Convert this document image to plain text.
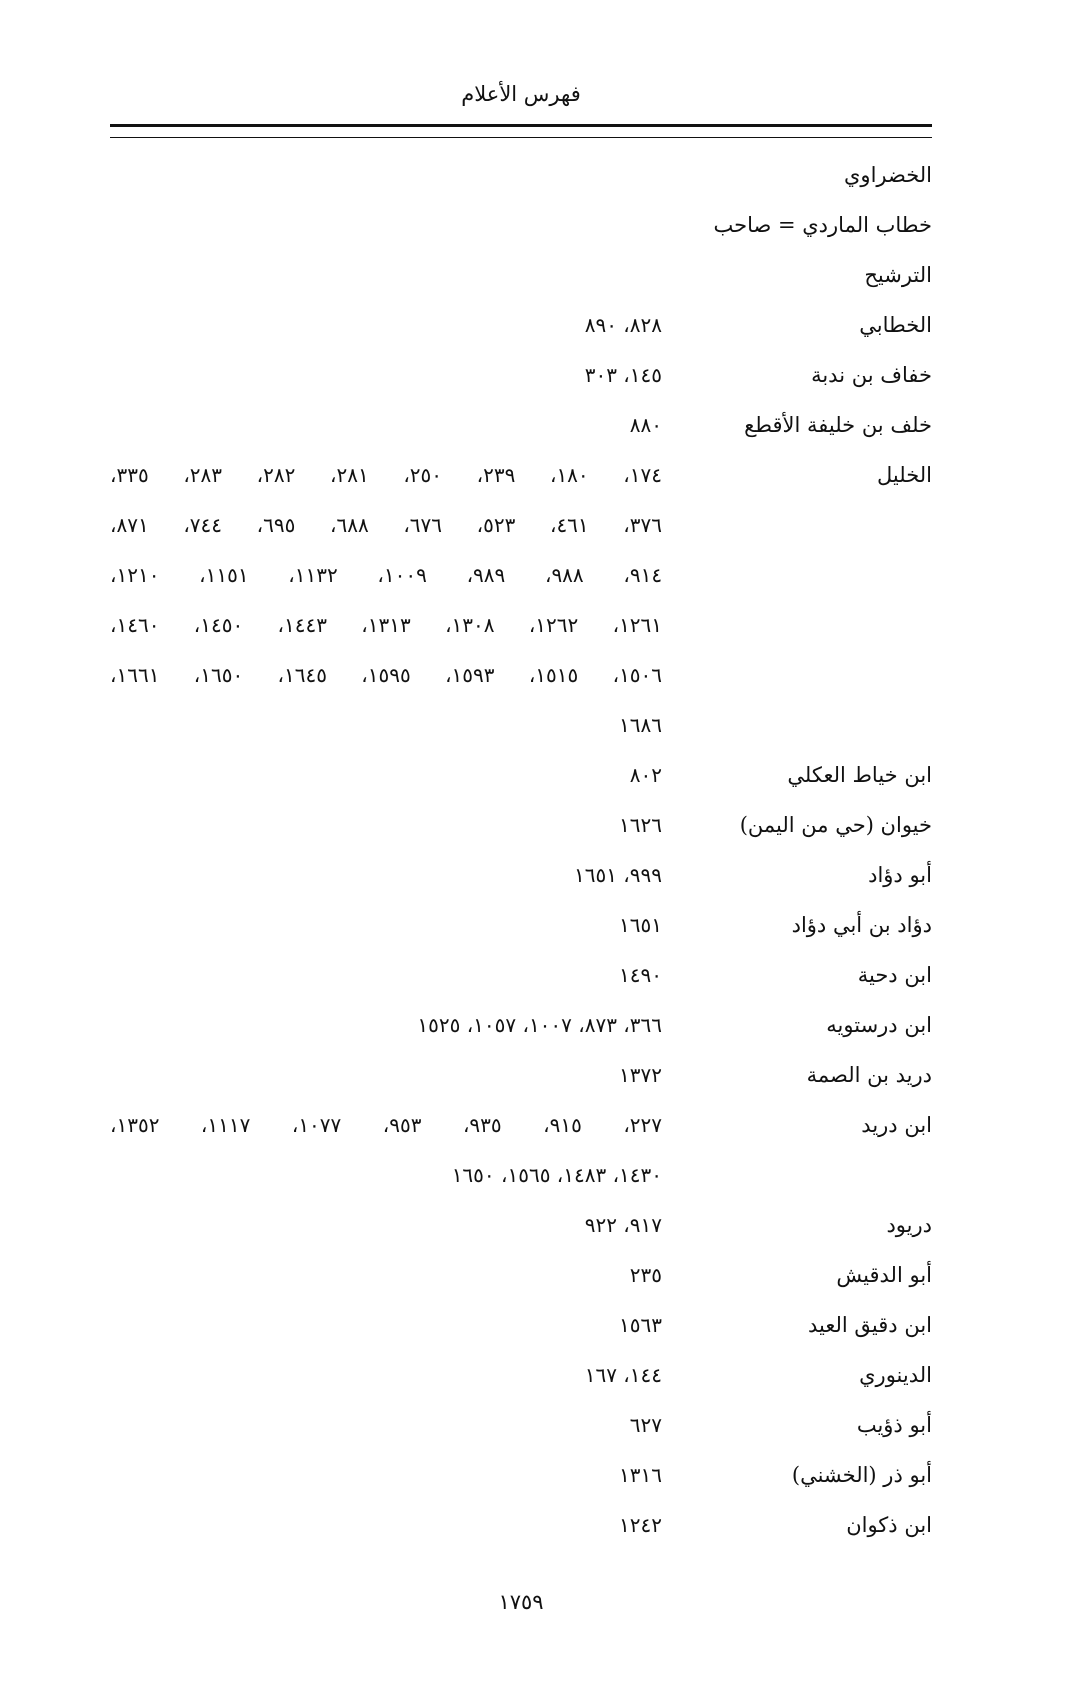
فهرس الأعلام
الخضراوي
خطاب الماردي = صاحب
الترشيح
الخطابي
٨٢٨، ٨٩٠
خفاف بن ندبة
١٤٥، ٣٠٣
خلف بن خليفة الأقطع
٨٨٠
الخليل
١٧٤، ١٨٠، ٢٣٩، ٢٥٠، ٢٨١، ٢٨٢، ٢٨٣، ٣٣٥،
٣٧٦، ٤٦١، ٥٢٣، ٦٧٦، ٦٨٨، ٦٩٥، ٧٤٤، ٨٧١،
٩١٤، ٩٨٨، ٩٨٩، ١٠٠٩، ١١٣٢، ١١٥١، ١٢١٠،
١٢٦١، ١٢٦٢، ١٣٠٨، ١٣١٣، ١٤٤٣، ١٤٥٠، ١٤٦٠،
١٥٠٦، ١٥١٥، ١٥٩٣، ١٥٩٥، ١٦٤٥، ١٦٥٠، ١٦٦١،
١٦٨٦
ابن خياط العكلي
٨٠٢
خيوان (حي من اليمن)
١٦٢٦
أبو دؤاد
٩٩٩، ١٦٥١
دؤاد بن أبي دؤاد
١٦٥١
ابن دحية
١٤٩٠
ابن درستويه
٣٦٦، ٨٧٣، ١٠٠٧، ١٠٥٧، ١٥٢٥
دريد بن الصمة
١٣٧٢
ابن دريد
٢٢٧، ٩١٥، ٩٣٥، ٩٥٣، ١٠٧٧، ١١١٧، ١٣٥٢،
١٤٣٠، ١٤٨٣، ١٥٦٥، ١٦٥٠
دريود
٩١٧، ٩٢٢
أبو الدقيش
٢٣٥
ابن دقيق العيد
١٥٦٣
الدينوري
١٤٤، ١٦٧
أبو ذؤيب
٦٢٧
أبو ذر (الخشني)
١٣١٦
ابن ذكوان
١٢٤٢
١٧٥٩
